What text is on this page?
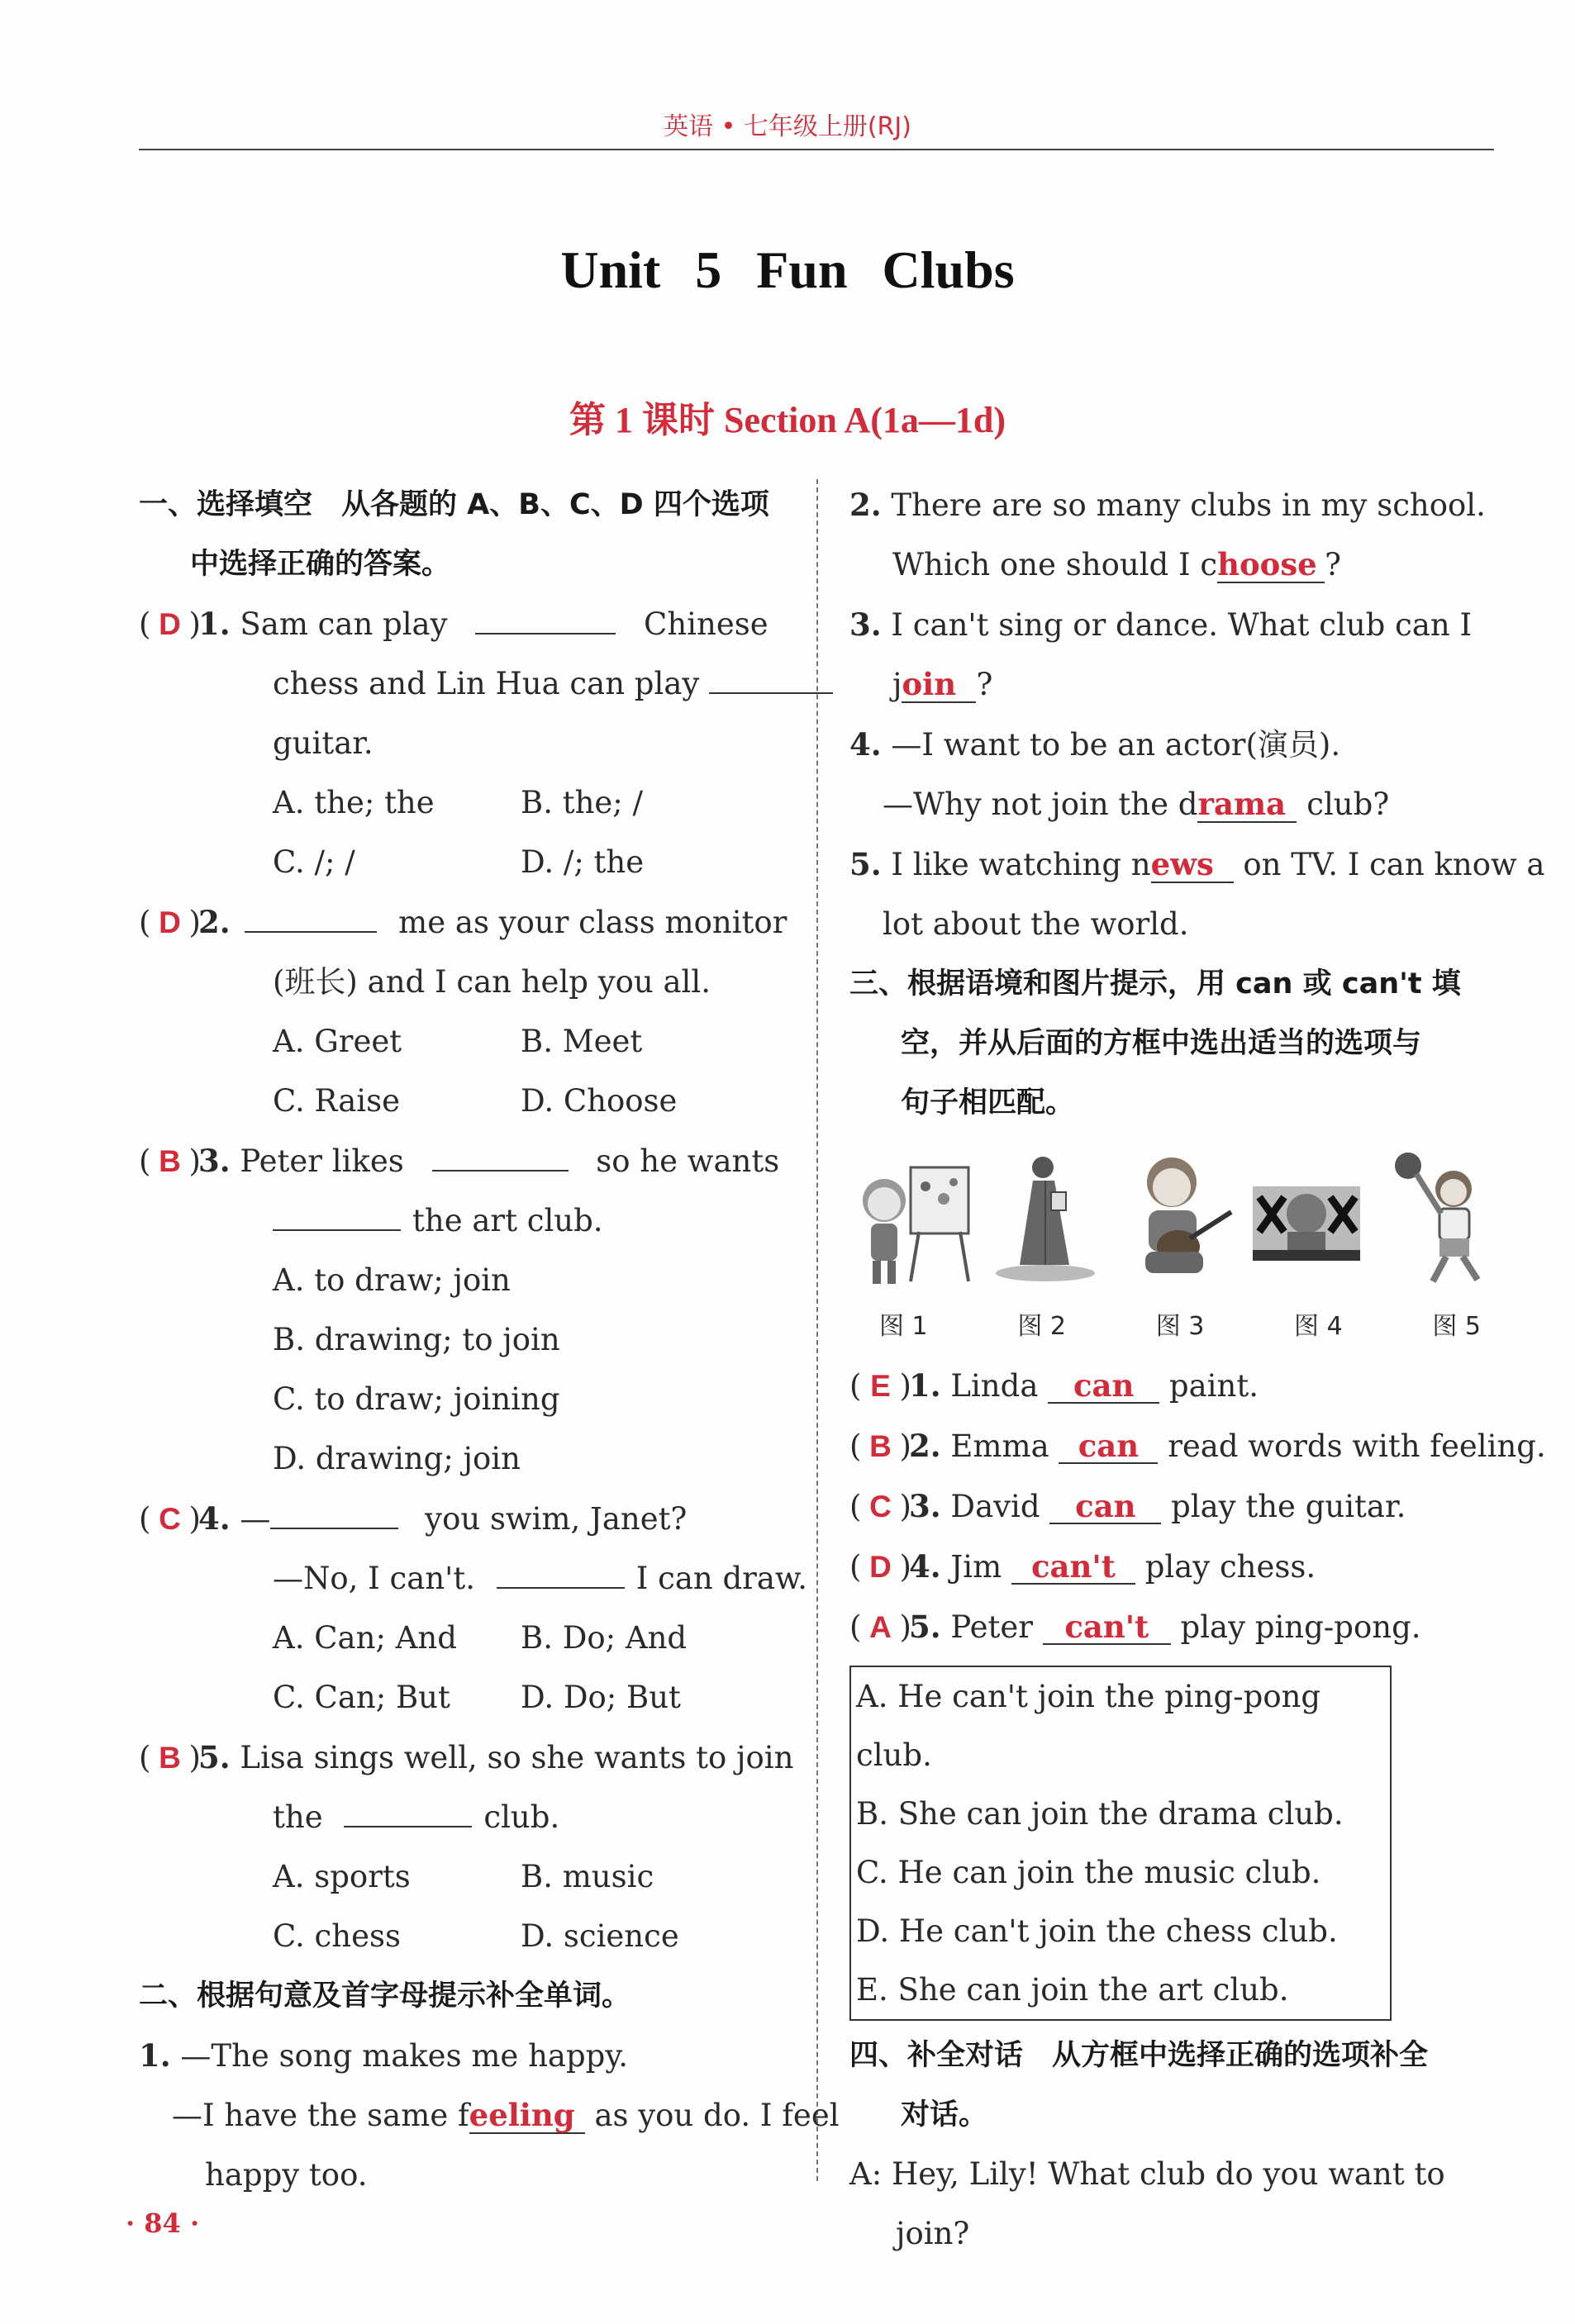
英语 • 七年级上册(RJ)
Unit 5 Fun Clubs
第 1 课时 Section A(1a—1d)
一、选择填空　从各题的 A、B、C、D 四个选项
中选择正确的答案。
( D )1. Sam can play	Chinese
chess and Lin Hua can play
guitar.
A. the; the	B. the; /
C. /; /	D. /; the
( D )2.	me as your class monitor
(班长) and I can help you all.
A. Greet	B. Meet
C. Raise	D. Choose
( B )3. Peter likes	so he wants
the art club.
A. to draw; join
B. drawing; to join
C. to draw; joining
D. drawing; join
( C )4. —	you swim, Janet?
—No, I can't.	I can draw.
A. Can; And	B. Do; And
C. Can; But	D. Do; But
( B )5. Lisa sings well, so she wants to join
the	club.
A. sports	B. music
C. chess	D. science
二、根据句意及首字母提示补全单词。
1. —The song makes me happy.
—I have the same feeling as you do. I feel
happy too.
2. There are so many clubs in my school.
Which one should I choose ?
3. I can't sing or dance. What club can I
join ?
4. —I want to be an actor(演员).
—Why not join the drama club?
5. I like watching news on TV. I can know a
lot about the world.
三、根据语境和图片提示，用 can 或 can't 填
空，并从后面的方框中选出适当的选项与
句子相匹配。
图 1	图 2	图 3	图 4	图 5
( E )1. Linda can paint.
( B )2. Emma can read words with feeling.
( C )3. David can play the guitar.
( D )4. Jim can't play chess.
( A )5. Peter can't play ping-pong.
A. He can't join the ping-pong club.
B. She can join the drama club.
C. He can join the music club.
D. He can't join the chess club.
E. She can join the art club.
四、补全对话　从方框中选择正确的选项补全
对话。
A: Hey, Lily! What club do you want to
join?
· 84 ·
